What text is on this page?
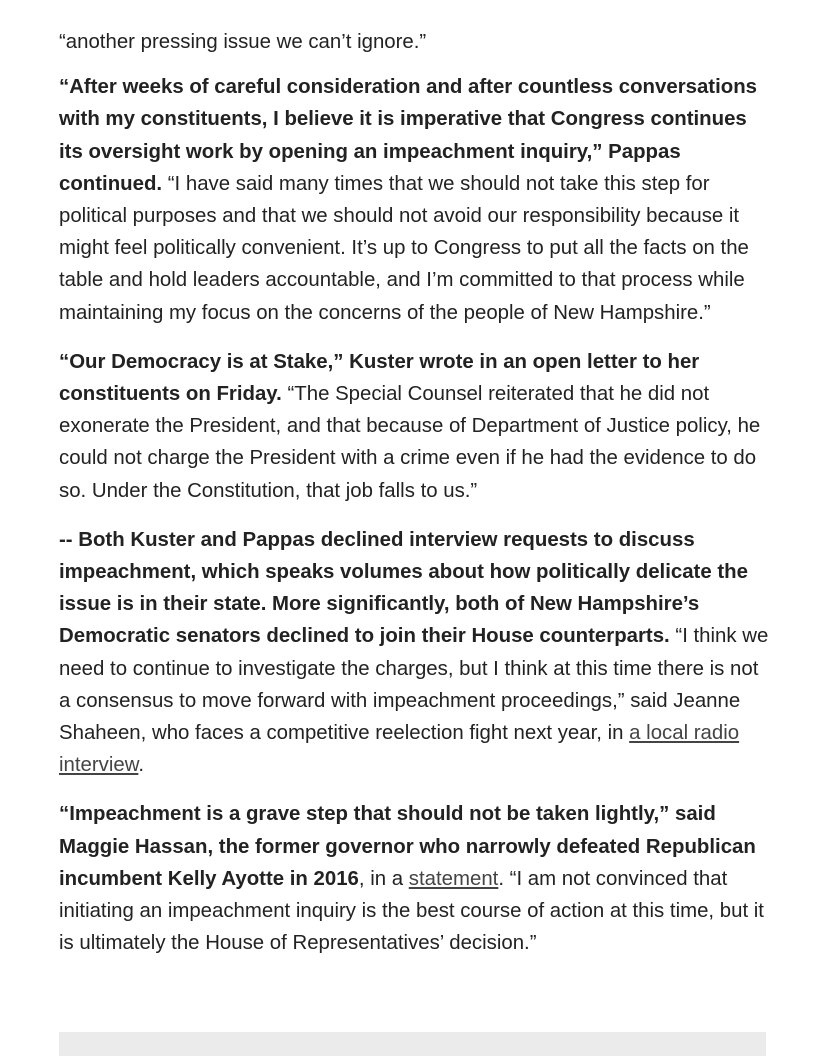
“another pressing issue we can’t ignore.”

“After weeks of careful consideration and after countless conversations with my constituents, I believe it is imperative that Congress continues its oversight work by opening an impeachment inquiry,” Pappas continued. “I have said many times that we should not take this step for political purposes and that we should not avoid our responsibility because it might feel politically convenient. It’s up to Congress to put all the facts on the table and hold leaders accountable, and I’m committed to that process while maintaining my focus on the concerns of the people of New Hampshire.”

“Our Democracy is at Stake,” Kuster wrote in an open letter to her constituents on Friday. “The Special Counsel reiterated that he did not exonerate the President, and that because of Department of Justice policy, he could not charge the President with a crime even if he had the evidence to do so. Under the Constitution, that job falls to us.”

-- Both Kuster and Pappas declined interview requests to discuss impeachment, which speaks volumes about how politically delicate the issue is in their state. More significantly, both of New Hampshire’s Democratic senators declined to join their House counterparts. “I think we need to continue to investigate the charges, but I think at this time there is not a consensus to move forward with impeachment proceedings,” said Jeanne Shaheen, who faces a competitive reelection fight next year, in a local radio interview.

“Impeachment is a grave step that should not be taken lightly,” said Maggie Hassan, the former governor who narrowly defeated Republican incumbent Kelly Ayotte in 2016, in a statement. “I am not convinced that initiating an impeachment inquiry is the best course of action at this time, but it is ultimately the House of Representatives’ decision.”
